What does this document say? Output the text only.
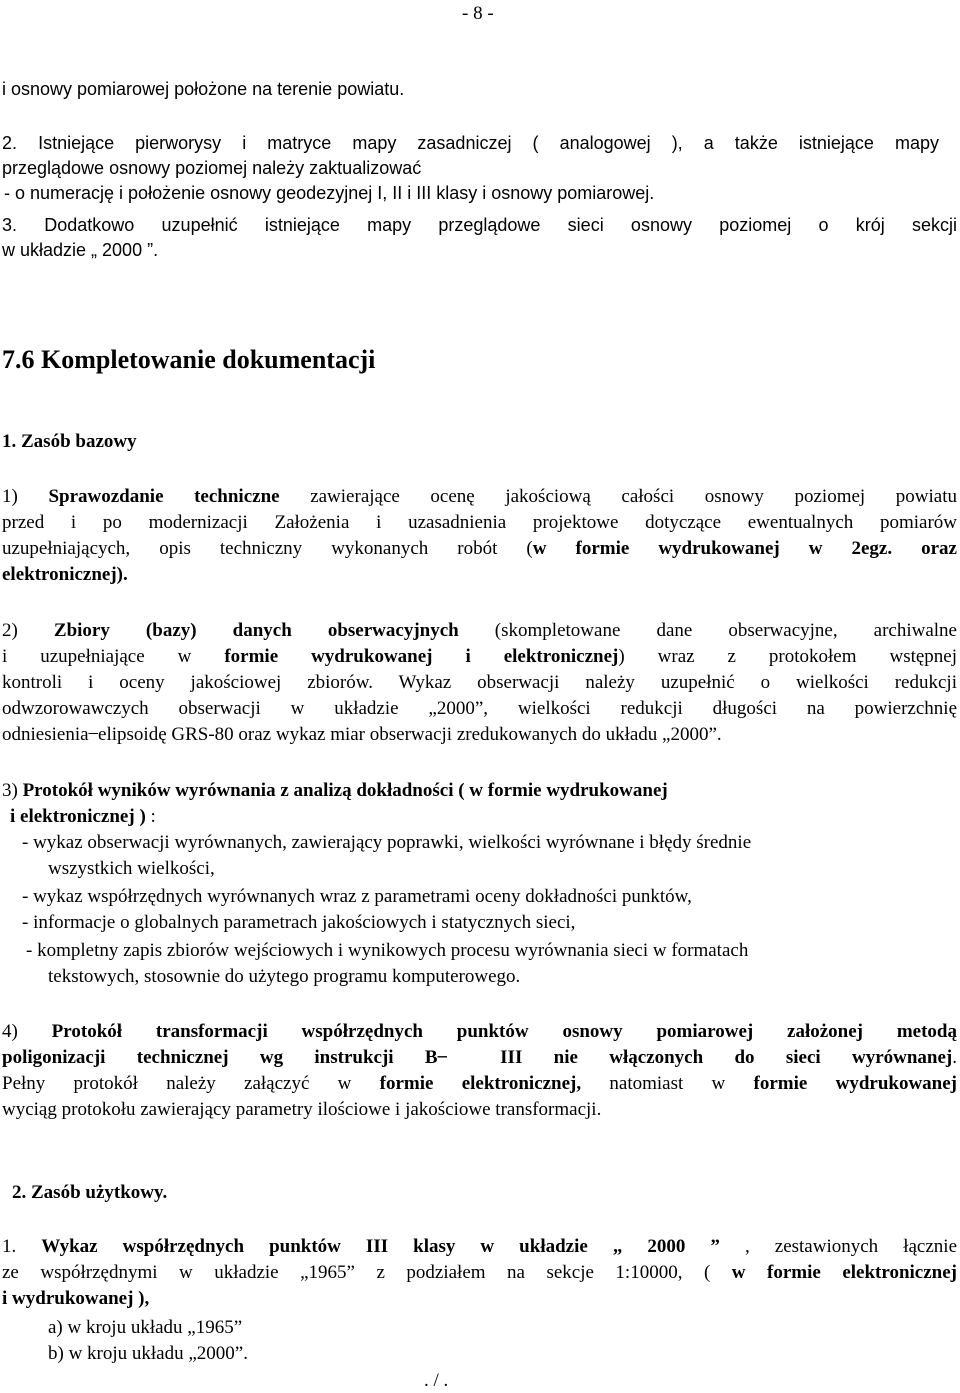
- 8 -
i osnowy pomiarowej położone na terenie powiatu.
2. Istniejące pierworysy i matryce mapy zasadniczej ( analogowej ), a także istniejące mapy
przeglądowe osnowy poziomej należy zaktualizować
- o numerację i położenie osnowy geodezyjnej I, II i III klasy i osnowy pomiarowej.
3. Dodatkowo uzupełnić istniejące mapy przeglądowe sieci osnowy poziomej o krój sekcji
w układzie „ 2000 ”.
7.6 Kompletowanie dokumentacji
1. Zasób bazowy
1) Sprawozdanie techniczne zawierające ocenę jakościową całości osnowy poziomej powiatu
przed i po modernizacji Założenia i uzasadnienia projektowe dotyczące ewentualnych pomiarów
uzupełniających, opis techniczny wykonanych robót (w formie wydrukowanej w 2egz. oraz
elektronicznej).
2) Zbiory (bazy) danych obserwacyjnych (skompletowane dane obserwacyjne, archiwalne
i uzupełniające w formie wydrukowanej i elektronicznej) wraz z protokołem wstępnej
kontroli i oceny jakościowej zbiorów. Wykaz obserwacji należy uzupełnić o wielkości redukcji
odwzorowawczych obserwacji w układzie „2000”, wielkości redukcji długości na powierzchnię
odniesienia ̶ elipsoidę GRS-80 oraz wykaz miar obserwacji zredukowanych do układu „2000”.
3) Protokół wyników wyrównania z analizą dokładności ( w formie wydrukowanej
i elektronicznej ) :
- wykaz obserwacji wyrównanych, zawierający poprawki, wielkości wyrównane i błędy średnie
wszystkich wielkości,
- wykaz współrzędnych wyrównanych wraz z parametrami oceny dokładności punktów,
- informacje o globalnych parametrach jakościowych i statycznych sieci,
- kompletny zapis zbiorów wejściowych i wynikowych procesu wyrównania sieci w formatach
tekstowych, stosownie do użytego programu komputerowego.
4) Protokół transformacji współrzędnych punktów osnowy pomiarowej założonej metodą
poligonizacji technicznej wg instrukcji B ̶ III nie włączonych do sieci wyrównanej.
Pełny protokół należy załączyć w formie elektronicznej, natomiast w formie wydrukowanej
wyciąg protokołu zawierający parametry ilościowe i jakościowe transformacji.
2. Zasób użytkowy.
1. Wykaz współrzędnych punktów III klasy w układzie „ 2000 ” , zestawionych łącznie
ze współrzędnymi w układzie „1965” z podziałem na sekcje 1:10000, ( w formie elektronicznej
i wydrukowanej ),
a) w kroju układu „1965”
b) w kroju układu „2000”.
. / .
